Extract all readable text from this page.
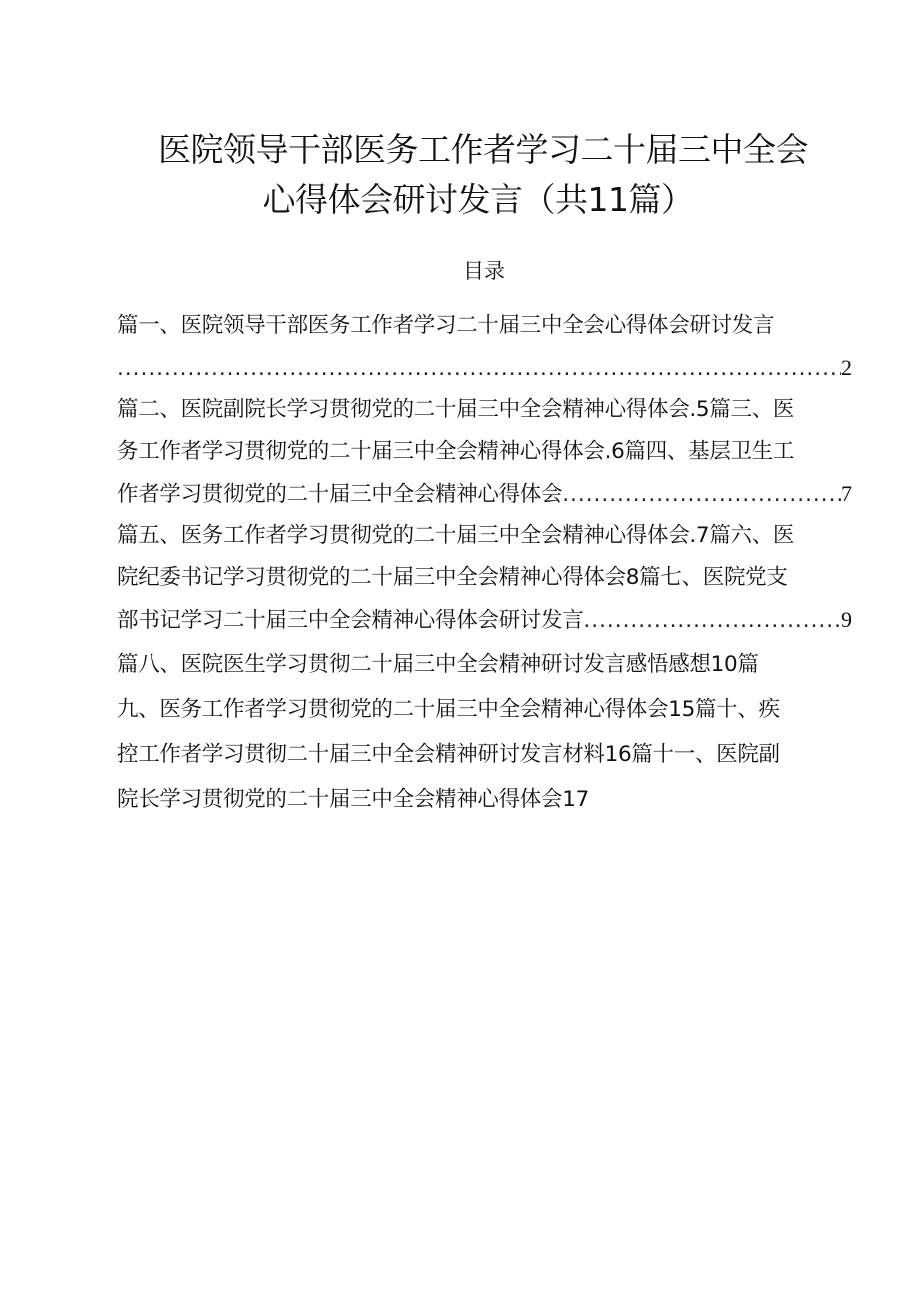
医院领导干部医务工作者学习二十届三中全会
心得体会研讨发言（共11篇）
目录
篇一、医院领导干部医务工作者学习二十届三中全会心得体会研讨发言
.....
2
篇二、医院副院长学习贯彻党的二十届三中全会精神心得体会.5篇三、医
务工作者学习贯彻党的二十届三中全会精神心得体会.6篇四、基层卫生工
作者学习贯彻党的二十届三中全会精神心得体会 .....	7
篇五、医务工作者学习贯彻党的二十届三中全会精神心得体会.7篇六、医
院纪委书记学习贯彻党的二十届三中全会精神心得体会8篇七、医院党支
部书记学习二十届三中全会精神心得体会研讨发言 .....	9
篇八、医院医生学习贯彻二十届三中全会精神研讨发言感悟感想10篇
九、医务工作者学习贯彻党的二十届三中全会精神心得体会15篇十、疾
控工作者学习贯彻二十届三中全会精神研讨发言材料16篇十一、医院副
院长学习贯彻党的二十届三中全会精神心得体会17
